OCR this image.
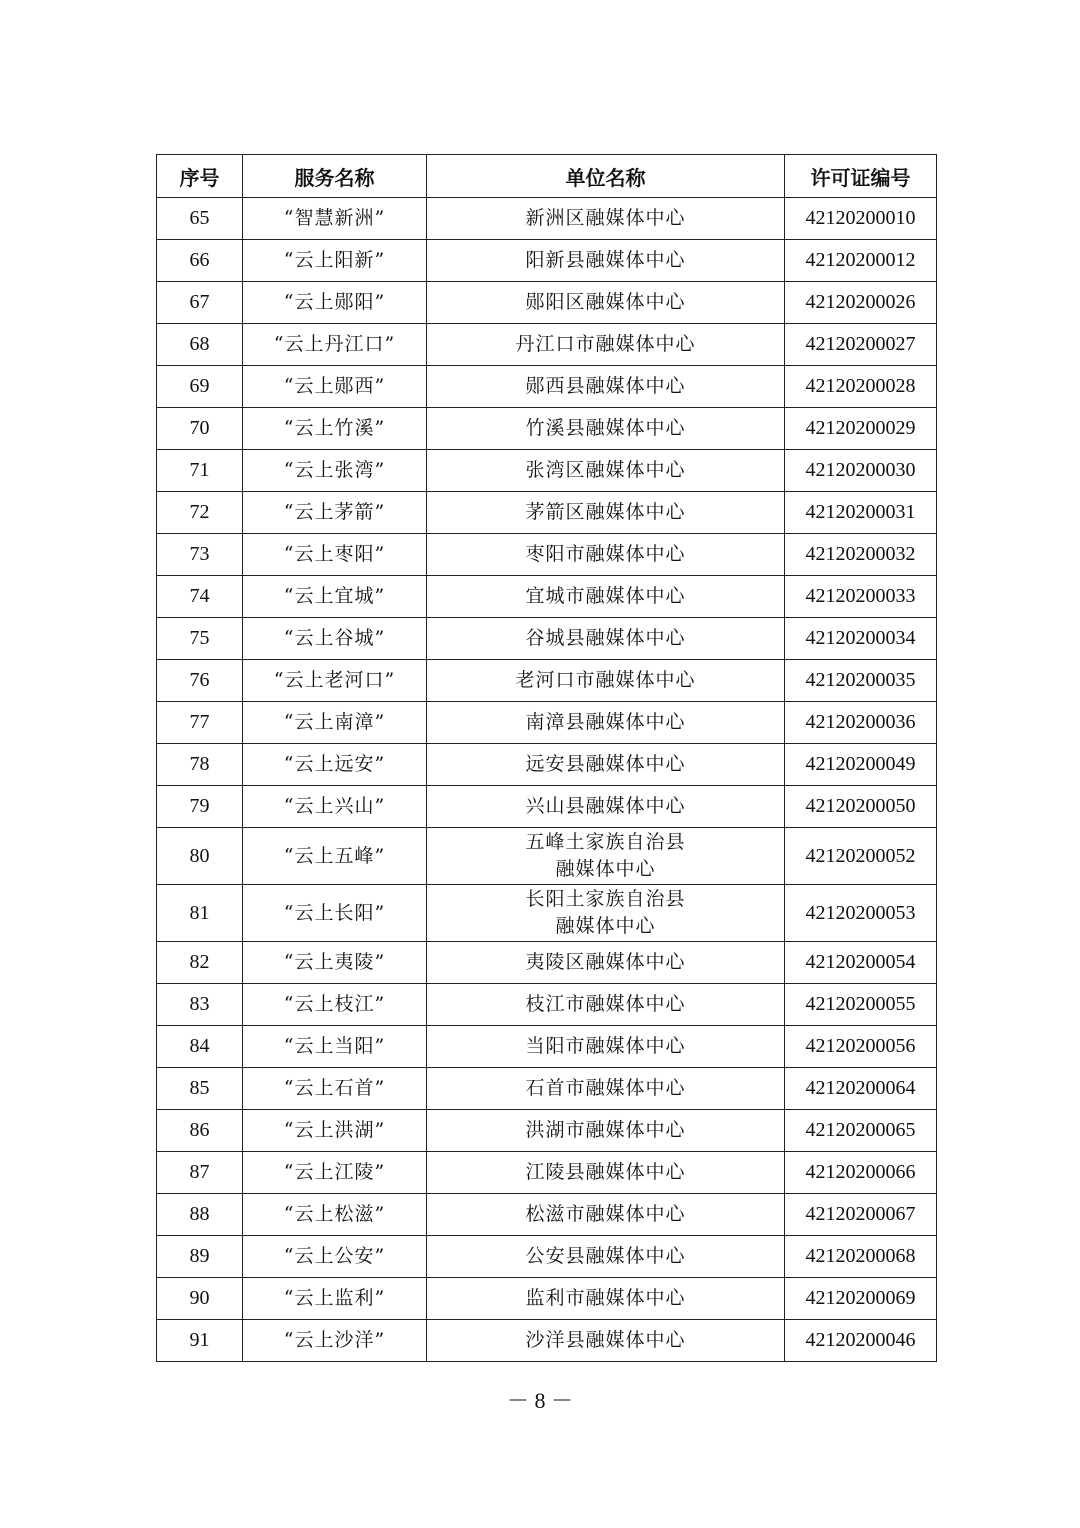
序号	服务名称	单位名称	许可证编号
65	“智慧新洲”	新洲区融媒体中心	42120200010
66	“云上阳新”	阳新县融媒体中心	42120200012
67	“云上郧阳”	郧阳区融媒体中心	42120200026
68	“云上丹江口”	丹江口市融媒体中心	42120200027
69	“云上郧西”	郧西县融媒体中心	42120200028
70	“云上竹溪”	竹溪县融媒体中心	42120200029
71	“云上张湾”	张湾区融媒体中心	42120200030
72	“云上茅箭”	茅箭区融媒体中心	42120200031
73	“云上枣阳”	枣阳市融媒体中心	42120200032
74	“云上宜城”	宜城市融媒体中心	42120200033
75	“云上谷城”	谷城县融媒体中心	42120200034
76	“云上老河口”	老河口市融媒体中心	42120200035
77	“云上南漳”	南漳县融媒体中心	42120200036
78	“云上远安”	远安县融媒体中心	42120200049
79	“云上兴山”	兴山县融媒体中心	42120200050
80	“云上五峰”	五峰土家族自治县
融媒体中心	42120200052
81	“云上长阳”	长阳土家族自治县
融媒体中心	42120200053
82	“云上夷陵”	夷陵区融媒体中心	42120200054
83	“云上枝江”	枝江市融媒体中心	42120200055
84	“云上当阳”	当阳市融媒体中心	42120200056
85	“云上石首”	石首市融媒体中心	42120200064
86	“云上洪湖”	洪湖市融媒体中心	42120200065
87	“云上江陵”	江陵县融媒体中心	42120200066
88	“云上松滋”	松滋市融媒体中心	42120200067
89	“云上公安”	公安县融媒体中心	42120200068
90	“云上监利”	监利市融媒体中心	42120200069
91	“云上沙洋”	沙洋县融媒体中心	42120200046
－ 8 －
